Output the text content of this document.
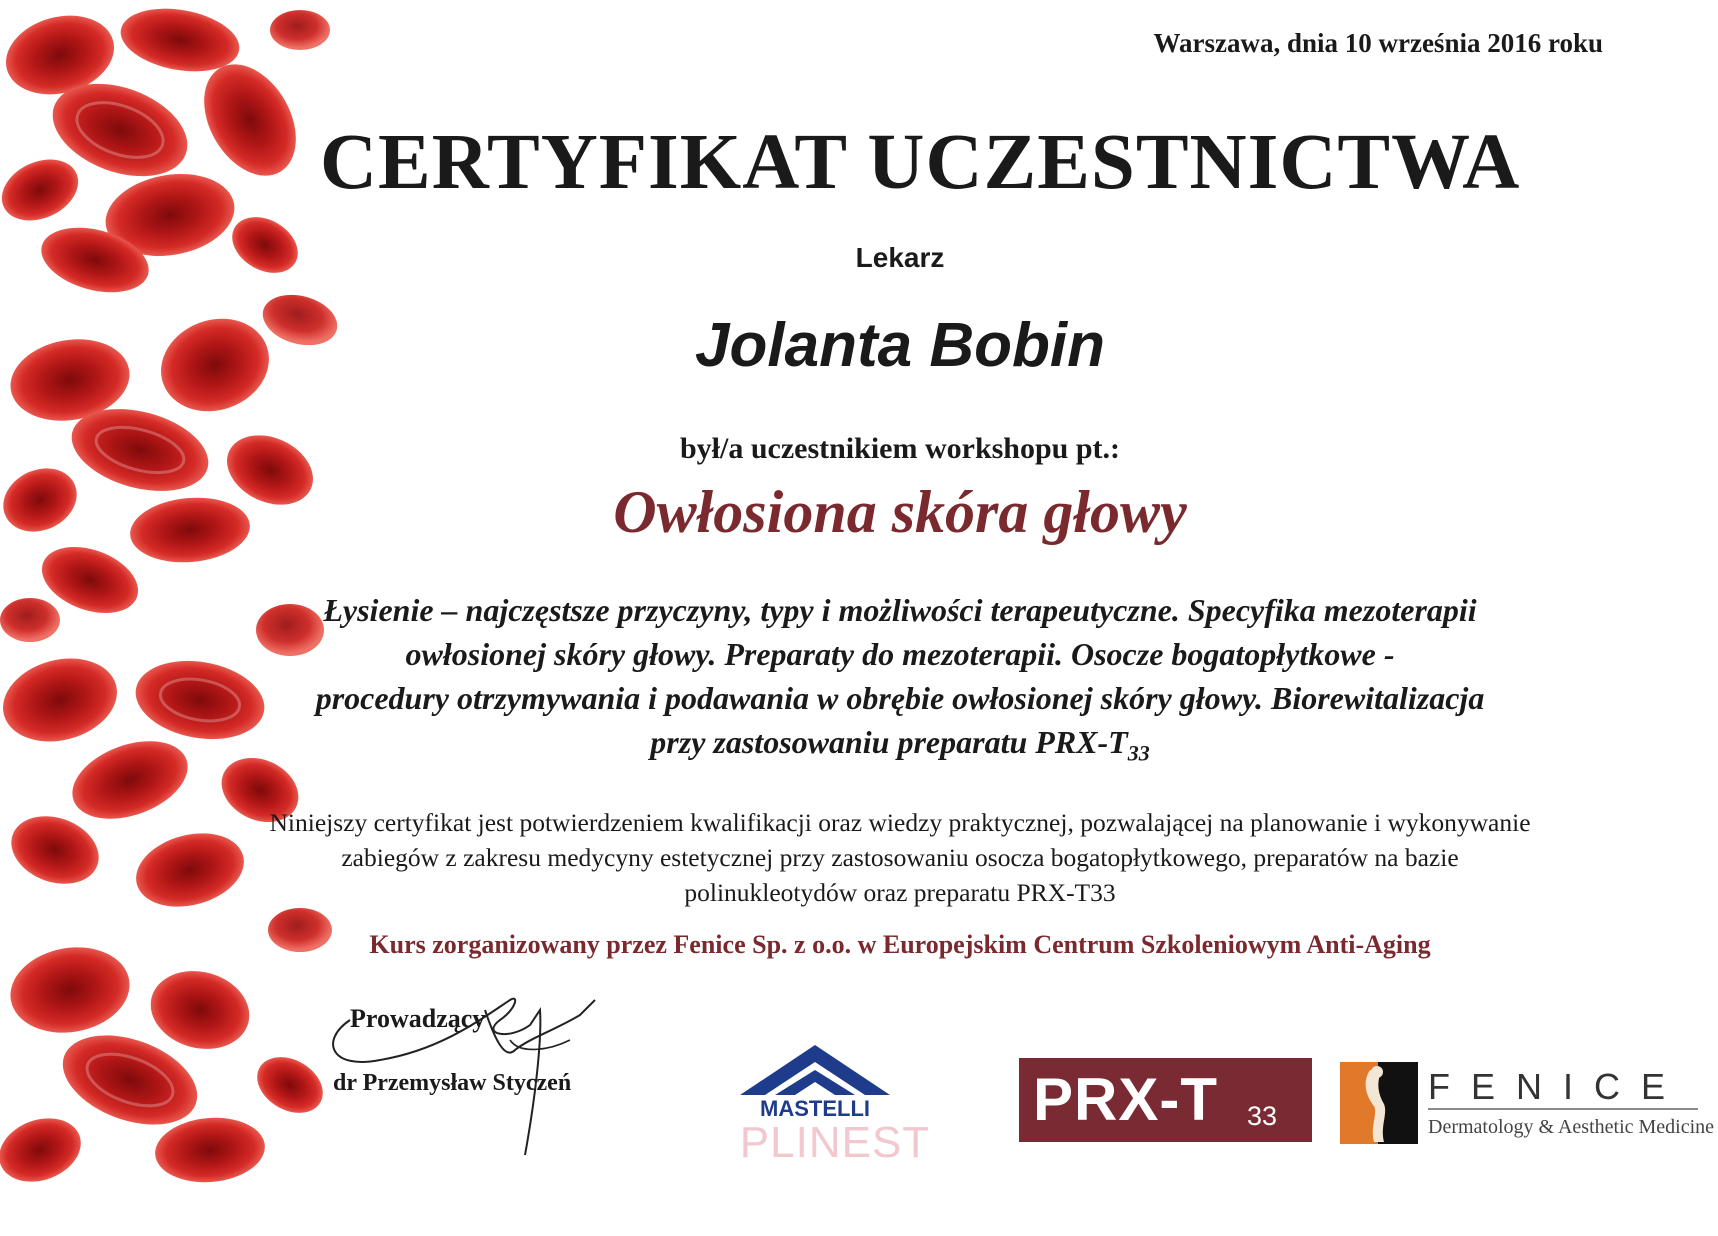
Warszawa, dnia 10 września 2016 roku
CERTYFIKAT UCZESTNICTWA
Lekarz
Jolanta Bobin
był/a uczestnikiem workshopu pt.:
Owłosiona skóra głowy
Łysienie – najczęstsze przyczyny, typy i możliwości terapeutyczne. Specyfika mezoterapii
owłosionej skóry głowy. Preparaty do mezoterapii. Osocze bogatopłytkowe -
procedury otrzymywania i podawania w obrębie owłosionej skóry głowy. Biorewitalizacja
przy zastosowaniu preparatu PRX-$T_{33}$
Niniejszy certyfikat jest potwierdzeniem kwalifikacji oraz wiedzy praktycznej, pozwalającej na planowanie i wykonywanie
zabiegów z zakresu medycyny estetycznej przy zastosowaniu osocza bogatopłytkowego, preparatów na bazie
polinukleotydów oraz preparatu PRX-T33
Kurs zorganizowany przez Fenice Sp. z o.o. w Europejskim Centrum Szkoleniowym Anti-Aging
Prowadzący
dr Przemysław Styczeń
MASTELLI
PLINEST
PRX-T 33
FENICE
Dermatology & Aesthetic Medicine
